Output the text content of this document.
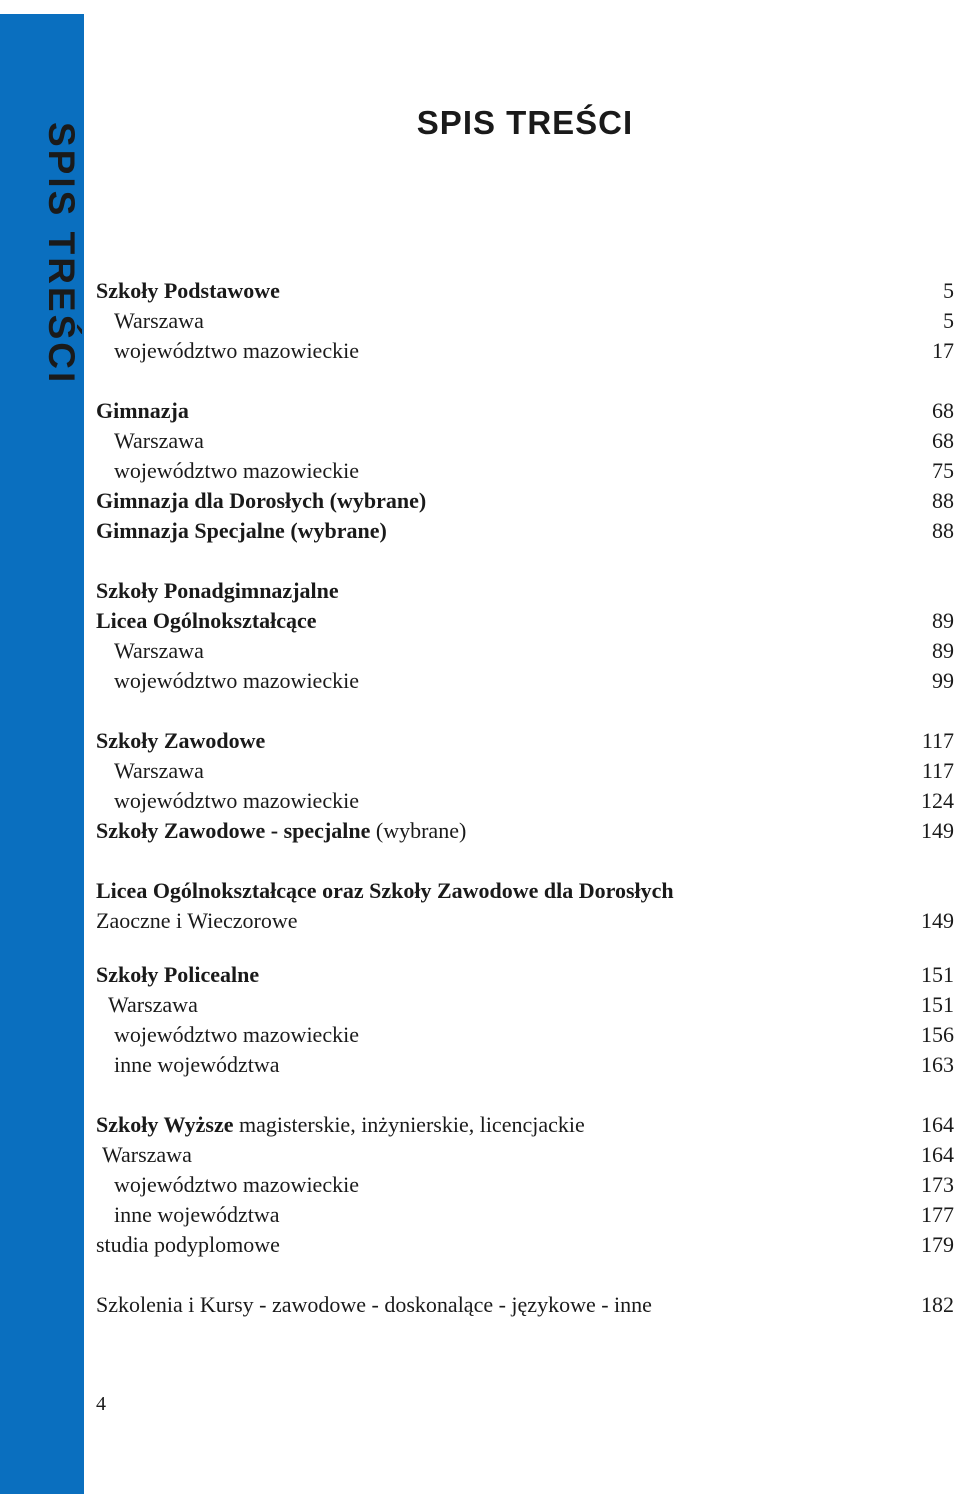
SPIS TREŚCI	SPIS TREŚCI
Szkoły Podstawowe	5
Warszawa	5
województwo mazowieckie	17
Gimnazja	68
Warszawa	68
województwo mazowieckie	75
Gimnazja dla Dorosłych (wybrane)	88
Gimnazja Specjalne (wybrane)	88
Szkoły Ponadgimnazjalne
Licea Ogólnokształcące	89
Warszawa	89
województwo mazowieckie	99
Szkoły Zawodowe	117
Warszawa	117
województwo mazowieckie	124
Szkoły Zawodowe - specjalne (wybrane)	149
Licea Ogólnokształcące oraz Szkoły Zawodowe dla Dorosłych
Zaoczne i Wieczorowe	149
Szkoły Policealne	151
Warszawa	151
województwo mazowieckie	156
inne województwa	163
Szkoły Wyższe magisterskie, inżynierskie, licencjackie	164
Warszawa	164
województwo mazowieckie	173
inne województwa	177
studia podyplomowe	179
Szkolenia i Kursy - zawodowe - doskonalące - językowe - inne	182
4
